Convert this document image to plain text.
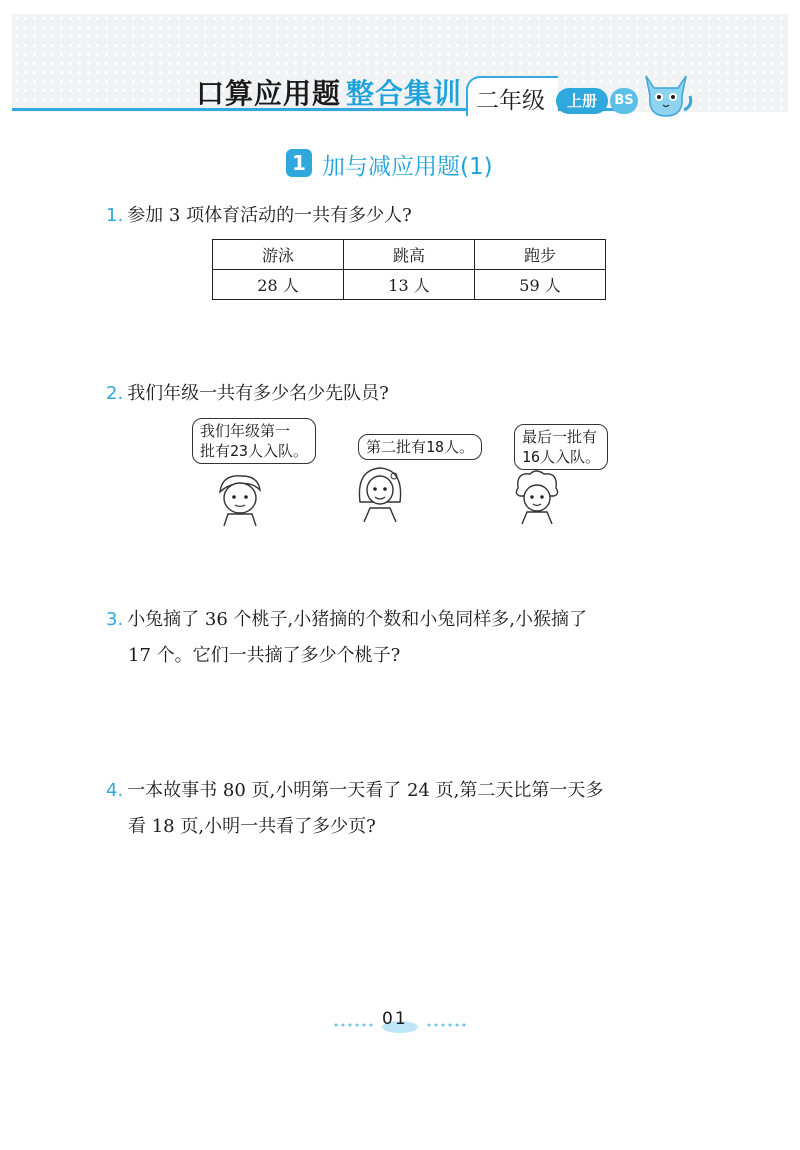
口算应用题 整合集训 二年级	上册	BS
1 加与减应用题(1)
1. 参加 3 项体育活动的一共有多少人?
游泳	跳高	跑步
28 人	13 人	59 人
2. 我们年级一共有多少名少先队员?
我们年级第一
批有23人入队。	第二批有18人。
最后一批有
16人入队。
3. 小兔摘了 36 个桃子,小猪摘的个数和小兔同样多,小猴摘了
17 个。它们一共摘了多少个桃子?
4. 一本故事书 80 页,小明第一天看了 24 页,第二天比第一天多
看 18 页,小明一共看了多少页?
01
